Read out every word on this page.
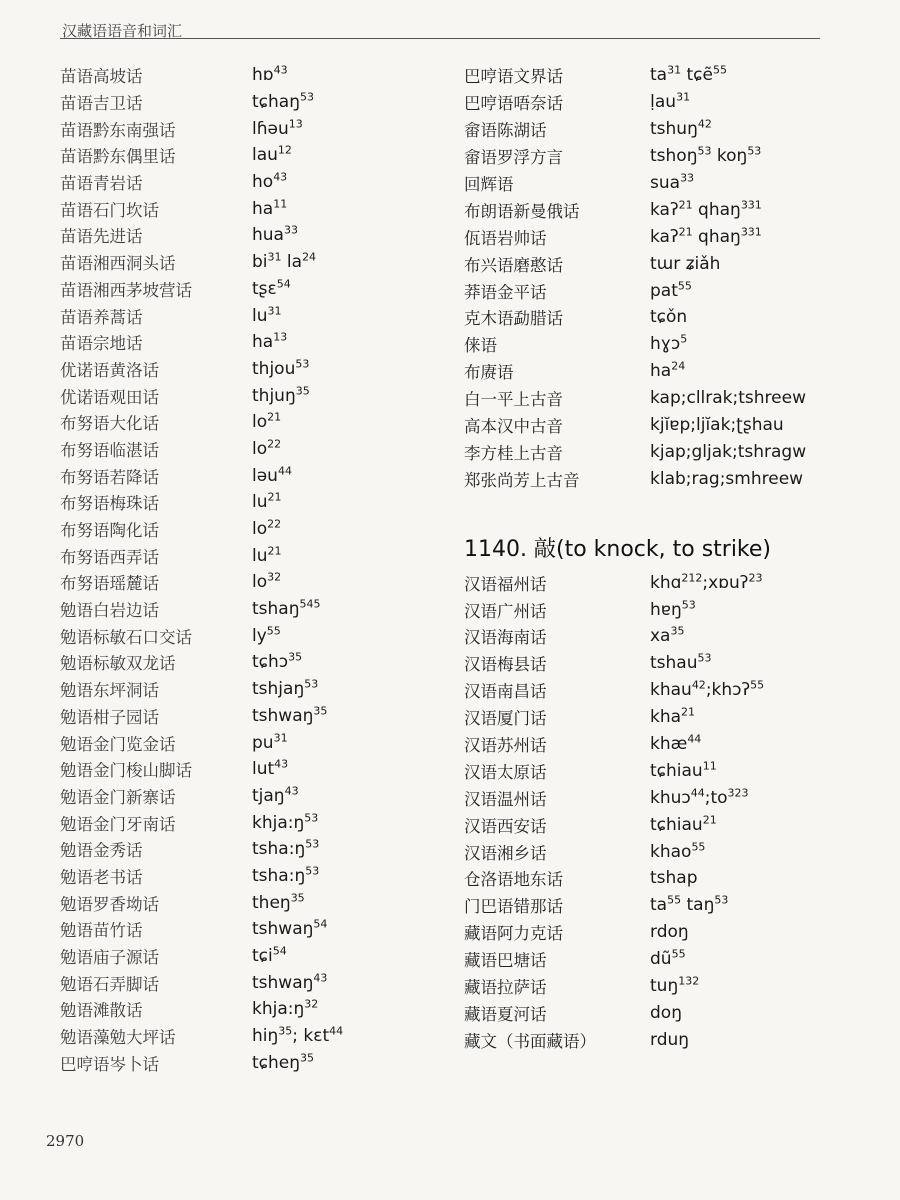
汉藏语语音和词汇
苗语高坡话	hɒ$^{43}$
苗语吉卫话	tɕhaŋ$^{53}$
苗语黔东南强话	lɦəu$^{13}$
苗语黔东偶里话	lau$^{12}$
苗语青岩话	$ho^{43}$
苗语石门坎话	$ha^{11}$
苗语先进话	hua$^{33}$
苗语湘西洞头话	$bi^{31}$ $la^{24}$
苗语湘西茅坡营话	tʂɛ$^{54}$
苗语养蒿话	$lu^{31}$
苗语宗地话	$ha^{13}$
优诺语黄洛话	thjou$^{53}$
优诺语观田话	thjuŋ$^{35}$
布努语大化话	$lo^{21}$
布努语临湛话	$lo^{22}$
布努语若降话	ləu$^{44}$
布努语梅珠话	$lu^{21}$
布努语陶化话	$lo^{22}$
布努语西弄话	$lu^{21}$
布努语瑶麓话	$lo^{32}$
勉语白岩边话	tshaŋ$^{545}$
勉语标敏石口交话	$ly^{55}$
勉语标敏双龙话	tɕhɔ$^{35}$
勉语东坪洞话	tshjaŋ$^{53}$
勉语柑子园话	tshwaŋ$^{35}$
勉语金门览金话	$pu^{31}$
勉语金门梭山脚话	lut$^{43}$
勉语金门新寨话	tjaŋ$^{43}$
勉语金门牙南话	$khja:ŋ^{53}$
勉语金秀话	$tsha:ŋ^{53}$
勉语老书话	$tsha:ŋ^{53}$
勉语罗香坳话	theŋ$^{35}$
勉语苗竹话	tshwaŋ$^{54}$
勉语庙子源话	tɕi$^{54}$
勉语石弄脚话	tshwaŋ$^{43}$
勉语滩散话	$khja:ŋ^{32}$
勉语藻勉大坪话	hiŋ$^{35}$; kɛt$^{44}$
巴哼语岑卜话	tɕheŋ$^{35}$
巴哼语文界话	$ta^{31}$ tɕẽ$^{55}$
巴哼语唔奈话	ḷau$^{31}$
畲语陈湖话	tshuŋ$^{42}$
畲语罗浮方言	tshoŋ$^{53}$ koŋ$^{53}$
回辉语	sua$^{33}$
布朗语新曼俄话	kaʔ$^{21}$ qhaŋ$^{331}$
佤语岩帅话	kaʔ$^{21}$ qhaŋ$^{331}$
布兴语磨憨话	tɯr ʑiǎh
莽语金平话	pat$^{55}$
克木语勐腊话	tɕǒn
俫语	hɣɔ$^5$
布赓语	$ha^{24}$
白一平上古音	kap;cllrak;tshreew
高本汉中古音	kjĭɐp;ljĭak;ʈʂhau
李方桂上古音	kjap;gljak;tshragw
郑张尚芳上古音	klab;rag;smhreew
1140. 敲(to knock, to strike)
汉语福州话	khɑ$^{212}$;xɒuʔ$^{23}$
汉语广州话	hɐŋ$^{53}$
汉语海南话	$xa^{35}$
汉语梅县话	tshau$^{53}$
汉语南昌话	khau$^{42}$;khɔʔ$^{55}$
汉语厦门话	kha$^{21}$
汉语苏州话	khæ$^{44}$
汉语太原话	tɕhiau$^{11}$
汉语温州话	$khuɔ^{44};to^{323}$
汉语西安话	tɕhiau$^{21}$
汉语湘乡话	khao$^{55}$
仓洛语地东话	tshap
门巴语错那话	$ta^{55}$ taŋ$^{53}$
藏语阿力克话	rdoŋ
藏语巴塘话	$dũ^{55}$
藏语拉萨话	tuŋ$^{132}$
藏语夏河话	doŋ
藏文（书面藏语）	rduŋ
2970
